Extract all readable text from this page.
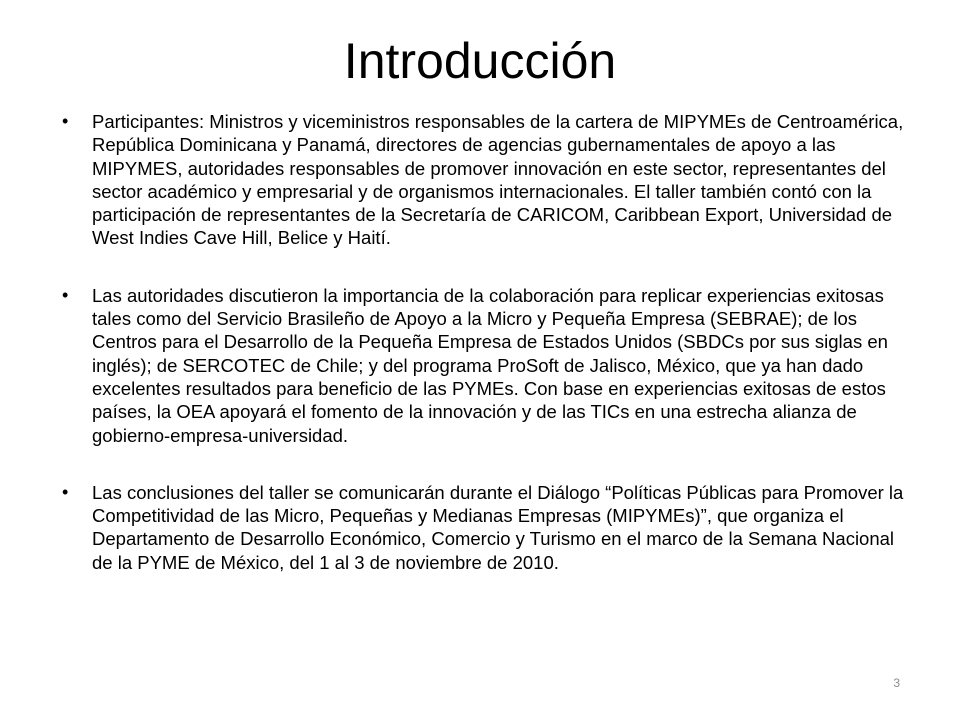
Introducción
• Participantes: Ministros y viceministros responsables de la cartera de MIPYMEs de Centroamérica, República Dominicana y Panamá, directores de agencias gubernamentales de apoyo a las MIPYMES, autoridades responsables de promover innovación en este sector, representantes del sector académico y empresarial y de organismos internacionales. El taller también contó con la participación de representantes de la Secretaría de CARICOM, Caribbean Export, Universidad de West Indies Cave Hill, Belice y Haití.
• Las autoridades discutieron la importancia de la colaboración para replicar experiencias exitosas tales como del Servicio Brasileño de Apoyo a la Micro y Pequeña Empresa (SEBRAE); de los Centros para el Desarrollo de la Pequeña Empresa de Estados Unidos (SBDCs por sus siglas en inglés); de SERCOTEC de Chile; y del programa ProSoft de Jalisco, México, que ya han dado excelentes resultados para beneficio de las PYMEs. Con base en experiencias exitosas de estos países, la OEA apoyará el fomento de la innovación y de las TICs en una estrecha alianza de gobierno-empresa-universidad.
• Las conclusiones del taller se comunicarán durante el Diálogo “Políticas Públicas para Promover la Competitividad de las Micro, Pequeñas y Medianas Empresas (MIPYMEs)”, que organiza el Departamento de Desarrollo Económico, Comercio y Turismo en el marco de la Semana Nacional de la PYME de México, del 1 al 3 de noviembre de 2010.
3
